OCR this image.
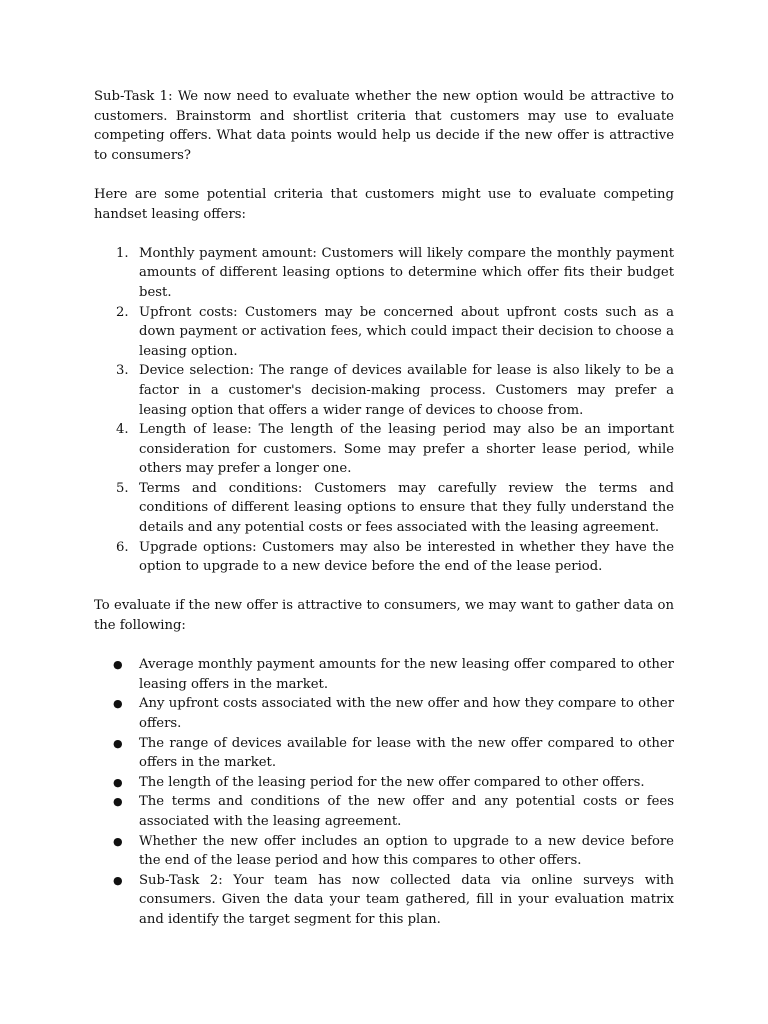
Sub-Task 1: We now need to evaluate whether the new option would be attractive to customers. Brainstorm and shortlist criteria that customers may use to evaluate competing offers. What data points would help us decide if the new offer is attractive to consumers?

Here are some potential criteria that customers might use to evaluate competing handset leasing offers:

1. Monthly payment amount: Customers will likely compare the monthly payment amounts of different leasing options to determine which offer fits their budget best.
2. Upfront costs: Customers may be concerned about upfront costs such as a down payment or activation fees, which could impact their decision to choose a leasing option.
3. Device selection: The range of devices available for lease is also likely to be a factor in a customer's decision-making process. Customers may prefer a leasing option that offers a wider range of devices to choose from.
4. Length of lease: The length of the leasing period may also be an important consideration for customers. Some may prefer a shorter lease period, while others may prefer a longer one.
5. Terms and conditions: Customers may carefully review the terms and conditions of different leasing options to ensure that they fully understand the details and any potential costs or fees associated with the leasing agreement.
6. Upgrade options: Customers may also be interested in whether they have the option to upgrade to a new device before the end of the lease period.

To evaluate if the new offer is attractive to consumers, we may want to gather data on the following:

● Average monthly payment amounts for the new leasing offer compared to other leasing offers in the market.
● Any upfront costs associated with the new offer and how they compare to other offers.
● The range of devices available for lease with the new offer compared to other offers in the market.
● The length of the leasing period for the new offer compared to other offers.
● The terms and conditions of the new offer and any potential costs or fees associated with the leasing agreement.
● Whether the new offer includes an option to upgrade to a new device before the end of the lease period and how this compares to other offers.
● Sub-Task 2: Your team has now collected data via online surveys with consumers. Given the data your team gathered, fill in your evaluation matrix and identify the target segment for this plan.
